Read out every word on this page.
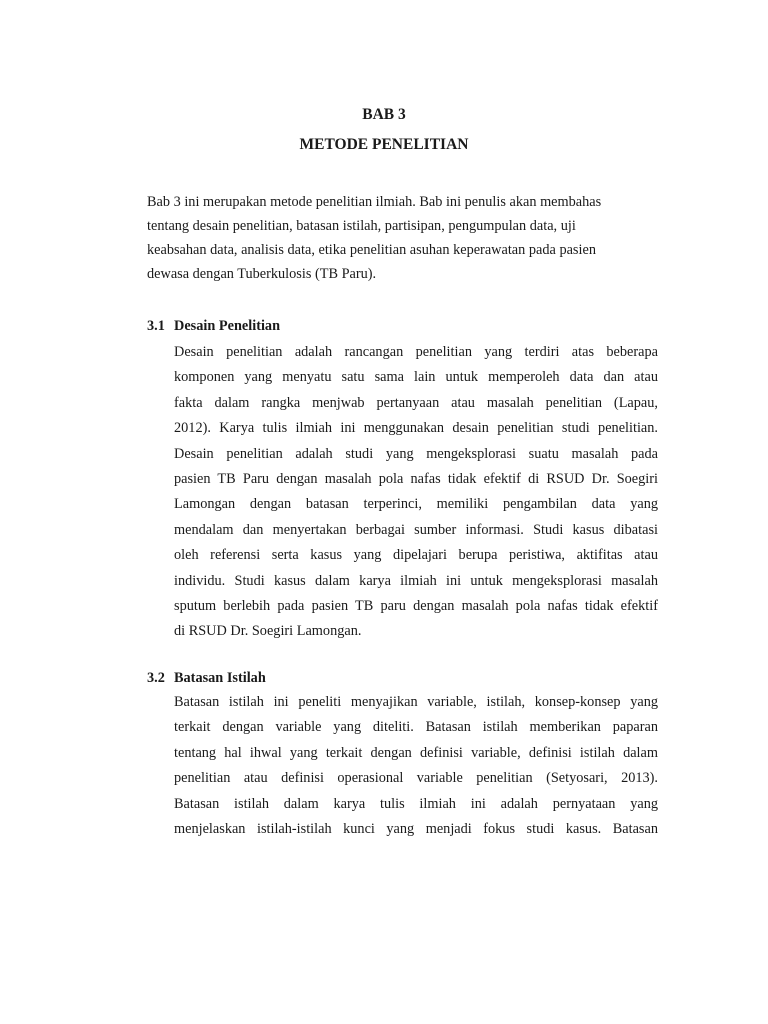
BAB 3
METODE PENELITIAN
Bab 3 ini merupakan metode penelitian ilmiah. Bab ini penulis akan membahas
tentang desain penelitian, batasan istilah, partisipan, pengumpulan data, uji
keabsahan data, analisis data, etika penelitian asuhan keperawatan pada pasien
dewasa dengan Tuberkulosis (TB Paru).
3.1 Desain Penelitian
Desain penelitian adalah rancangan penelitian yang terdiri atas beberapa
komponen yang menyatu satu sama lain untuk memperoleh data dan atau
fakta dalam rangka menjwab pertanyaan atau masalah penelitian (Lapau,
2012). Karya tulis ilmiah ini menggunakan desain penelitian studi penelitian.
Desain penelitian adalah studi yang mengeksplorasi suatu masalah pada
pasien TB Paru dengan masalah pola nafas tidak efektif di RSUD Dr. Soegiri
Lamongan dengan batasan terperinci, memiliki pengambilan data yang
mendalam dan menyertakan berbagai sumber informasi. Studi kasus dibatasi
oleh referensi serta kasus yang dipelajari berupa peristiwa, aktifitas atau
individu. Studi kasus dalam karya ilmiah ini untuk mengeksplorasi masalah
sputum berlebih pada pasien TB paru dengan masalah pola nafas tidak efektif
di RSUD Dr. Soegiri Lamongan.
3.2 Batasan Istilah
Batasan istilah ini peneliti menyajikan variable, istilah, konsep-konsep yang
terkait dengan variable yang diteliti. Batasan istilah memberikan paparan
tentang hal ihwal yang terkait dengan definisi variable, definisi istilah dalam
penelitian atau definisi operasional variable penelitian (Setyosari, 2013).
Batasan istilah dalam karya tulis ilmiah ini adalah pernyataan yang
menjelaskan istilah-istilah kunci yang menjadi fokus studi kasus. Batasan
